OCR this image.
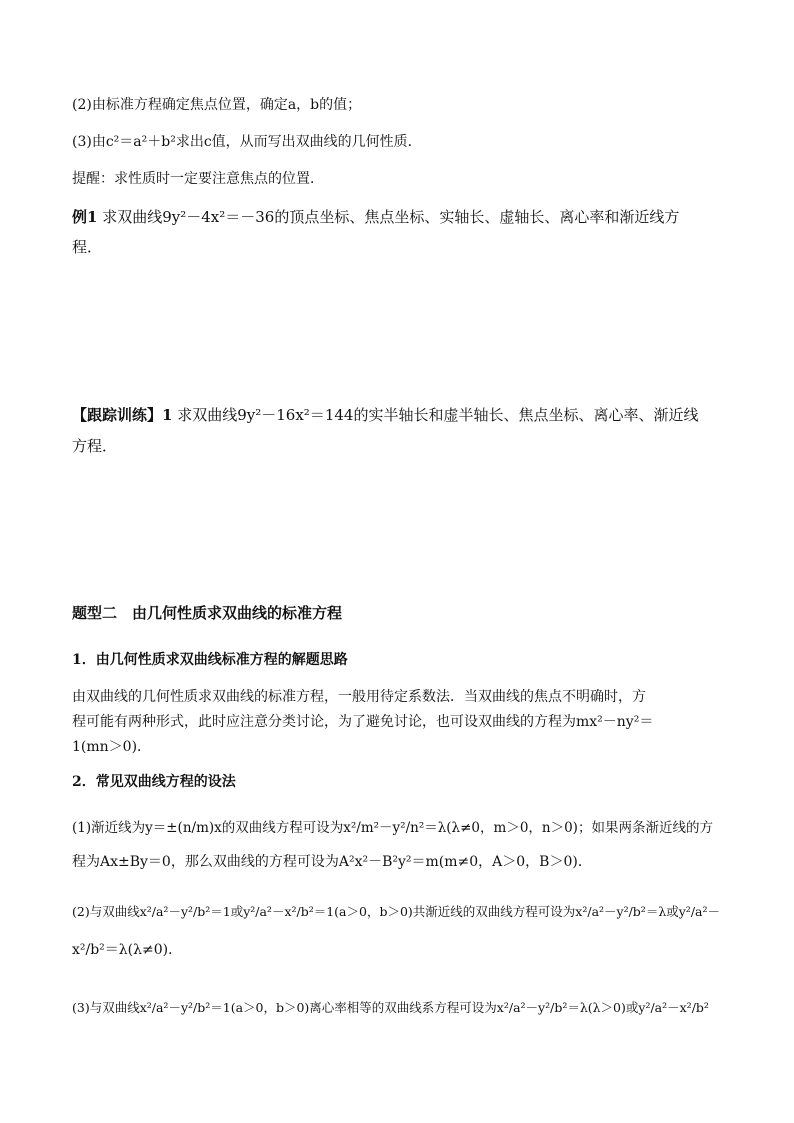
(2)由标准方程确定焦点位置，确定a，b的值；
(3)由c²＝a²＋b²求出c值，从而写出双曲线的几何性质．
提醒：求性质时一定要注意焦点的位置．
例1 求双曲线9y²－4x²＝－36的顶点坐标、焦点坐标、实轴长、虚轴长、离心率和渐近线方
程．
【跟踪训练】1 求双曲线9y²－16x²＝144的实半轴长和虚半轴长、焦点坐标、离心率、渐近线
方程．
题型二　由几何性质求双曲线的标准方程
1．由几何性质求双曲线标准方程的解题思路
由双曲线的几何性质求双曲线的标准方程，一般用待定系数法．当双曲线的焦点不明确时，方
程可能有两种形式，此时应注意分类讨论，为了避免讨论，也可设双曲线的方程为mx²－ny²＝
1(mn＞0)．
2．常见双曲线方程的设法
(1)渐近线为y＝±(n/m)x的双曲线方程可设为x²/m²－y²/n²＝λ(λ≠0，m＞0，n＞0)；如果两条渐近线的方
程为Ax±By＝0，那么双曲线的方程可设为A²x²－B²y²＝m(m≠0，A＞0，B＞0)．
(2)与双曲线x²/a²－y²/b²＝1或y²/a²－x²/b²＝1(a＞0，b＞0)共渐近线的双曲线方程可设为x²/a²－y²/b²＝λ或y²/a²－
x²/b²＝λ(λ≠0)．
(3)与双曲线x²/a²－y²/b²＝1(a＞0，b＞0)离心率相等的双曲线系方程可设为x²/a²－y²/b²＝λ(λ＞0)或y²/a²－x²/b²
